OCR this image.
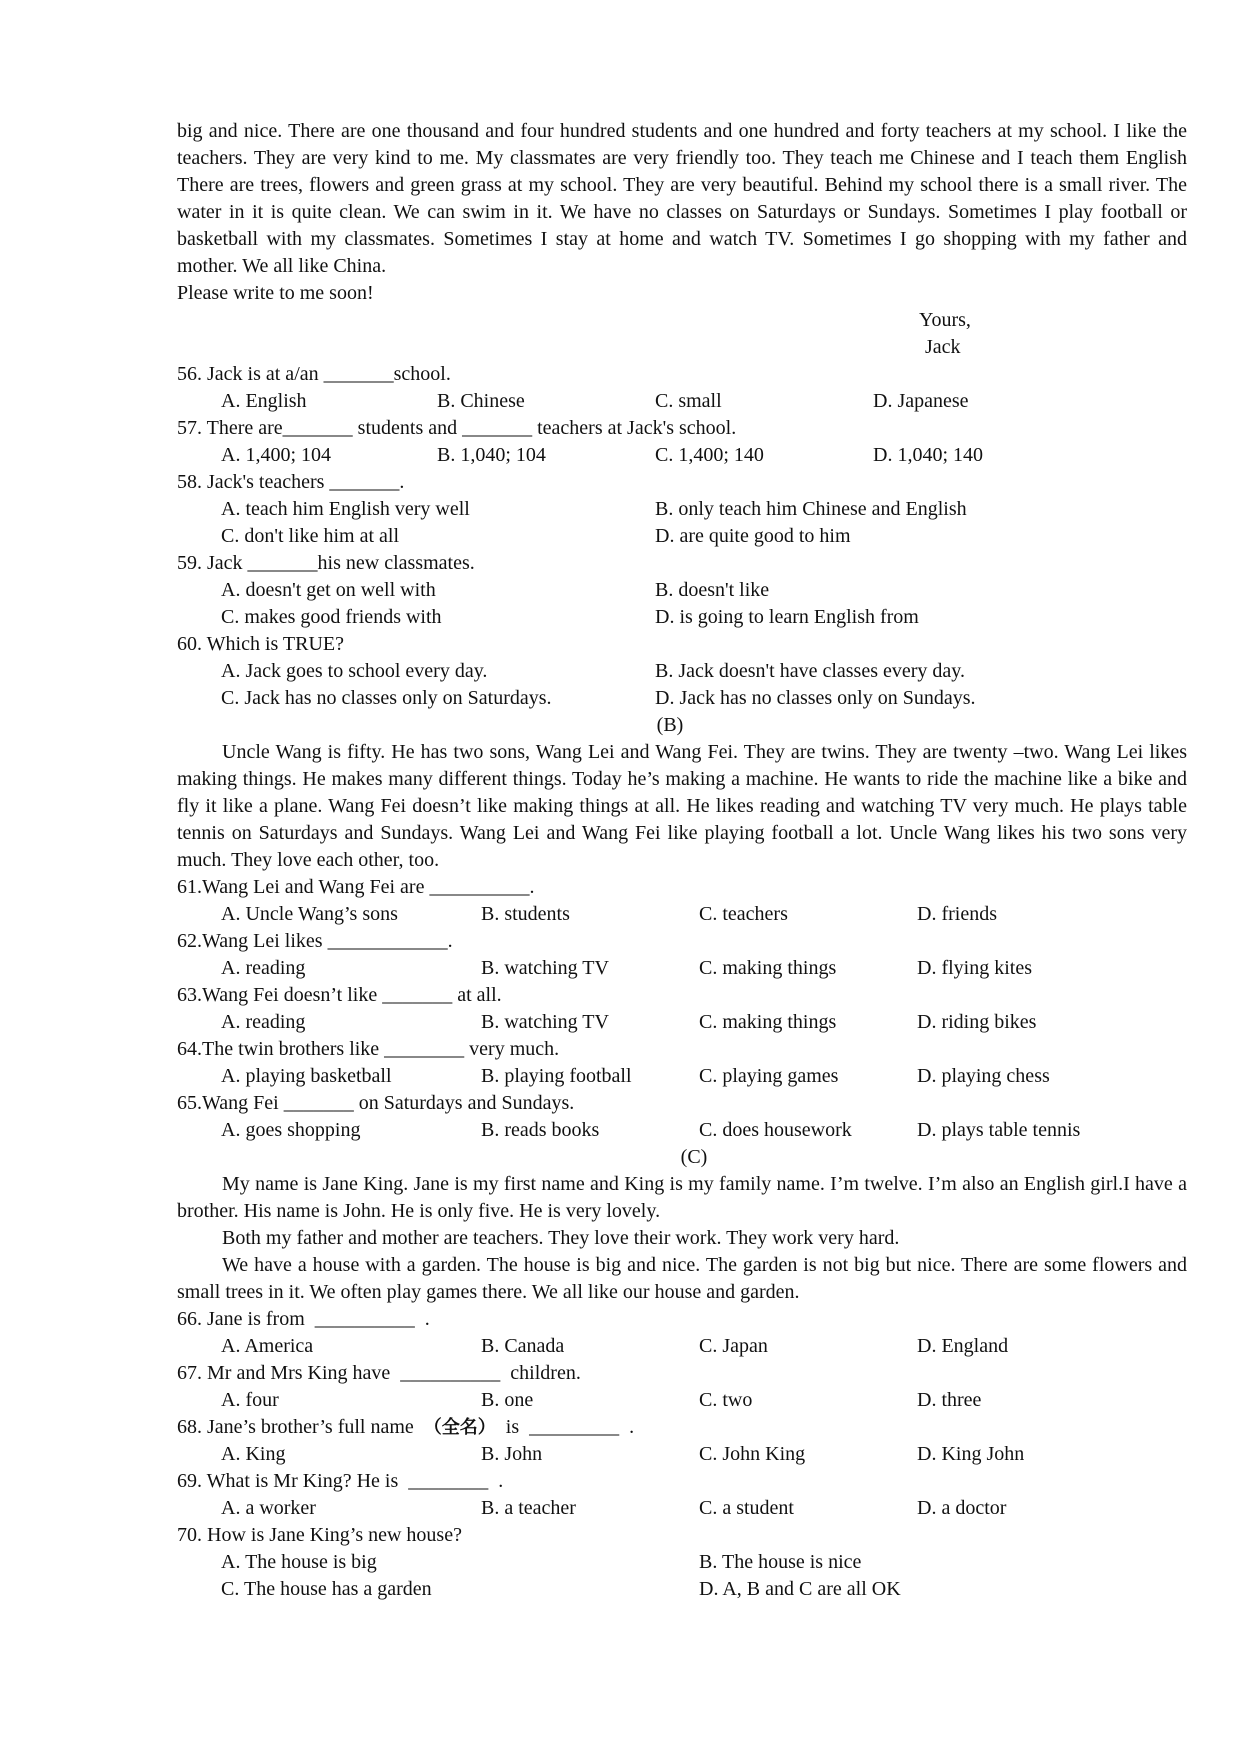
big and nice. There are one thousand and four hundred students and one hundred and forty teachers at my school. I like the teachers. They are very kind to me. My classmates are very friendly too. They teach me Chinese and I teach them English There are trees, flowers and green grass at my school. They are very beautiful. Behind my school there is a small river. The water in it is quite clean. We can swim in it. We have no classes on Saturdays or Sundays. Sometimes I play football or basketball with my classmates. Sometimes I stay at home and watch TV. Sometimes I go shopping with my father and mother. We all like China.

Please write to me soon!
Yours,
Jack
56. Jack is at a/an _______school.
A. English	B. Chinese	C. small	D. Japanese
57. There are_______ students and _______ teachers at Jack's school.
A. 1,400; 104	B. 1,040; 104	C. 1,400; 140	D. 1,040; 140
58. Jack's teachers _______.
A. teach him English very well	B. only teach him Chinese and English
C. don't like him at all	D. are quite good to him
59. Jack _______his new classmates.
A. doesn't get on well with	B. doesn't like
C. makes good friends with	D. is going to learn English from
60. Which is TRUE?
A. Jack goes to school every day.	B. Jack doesn't have classes every day.
C. Jack has no classes only on Saturdays.	D. Jack has no classes only on Sundays.
(B)

Uncle Wang is fifty. He has two sons, Wang Lei and Wang Fei. They are twins. They are twenty –two. Wang Lei likes making things. He makes many different things. Today he’s making a machine. He wants to ride the machine like a bike and fly it like a plane. Wang Fei doesn’t like making things at all. He likes reading and watching TV very much. He plays table tennis on Saturdays and Sundays. Wang Lei and Wang Fei like playing football a lot. Uncle Wang likes his two sons very much. They love each other, too.

61.Wang Lei and Wang Fei are __________.
A. Uncle Wang’s sons	B. students	C. teachers	D. friends
62.Wang Lei likes ____________.
A. reading	B. watching TV	C. making things	D. flying kites
63.Wang Fei doesn’t like _______ at all.
A. reading	B. watching TV	C. making things	D. riding bikes
64.The twin brothers like ________ very much.
A. playing basketball	B. playing football	C. playing games	D. playing chess
65.Wang Fei _______ on Saturdays and Sundays.
A. goes shopping	B. reads books	C. does housework	D. plays table tennis
(C)

My name is Jane King. Jane is my first name and King is my family name. I’m twelve. I’m also an English girl.I have a brother. His name is John. He is only five. He is very lovely.

Both my father and mother are teachers. They love their work. They work very hard.

We have a house with a garden. The house is big and nice. The garden is not big but nice. There are some flowers and small trees in it. We often play games there. We all like our house and garden.

66. Jane is from  __________  .
A. America	B. Canada	C. Japan	D. England
67. Mr and Mrs King have  __________  children.
A. four	B. one	C. two	D. three
68. Jane’s brother’s full name  （全名）  is  _________  .
A. King	B. John	C. John King	D. King John
69. What is Mr King? He is  ________  .
A. a worker	B. a teacher	C. a student	D. a doctor
70. How is Jane King’s new house?
A. The house is big	B. The house is nice
C. The house has a garden	D. A, B and C are all OK
